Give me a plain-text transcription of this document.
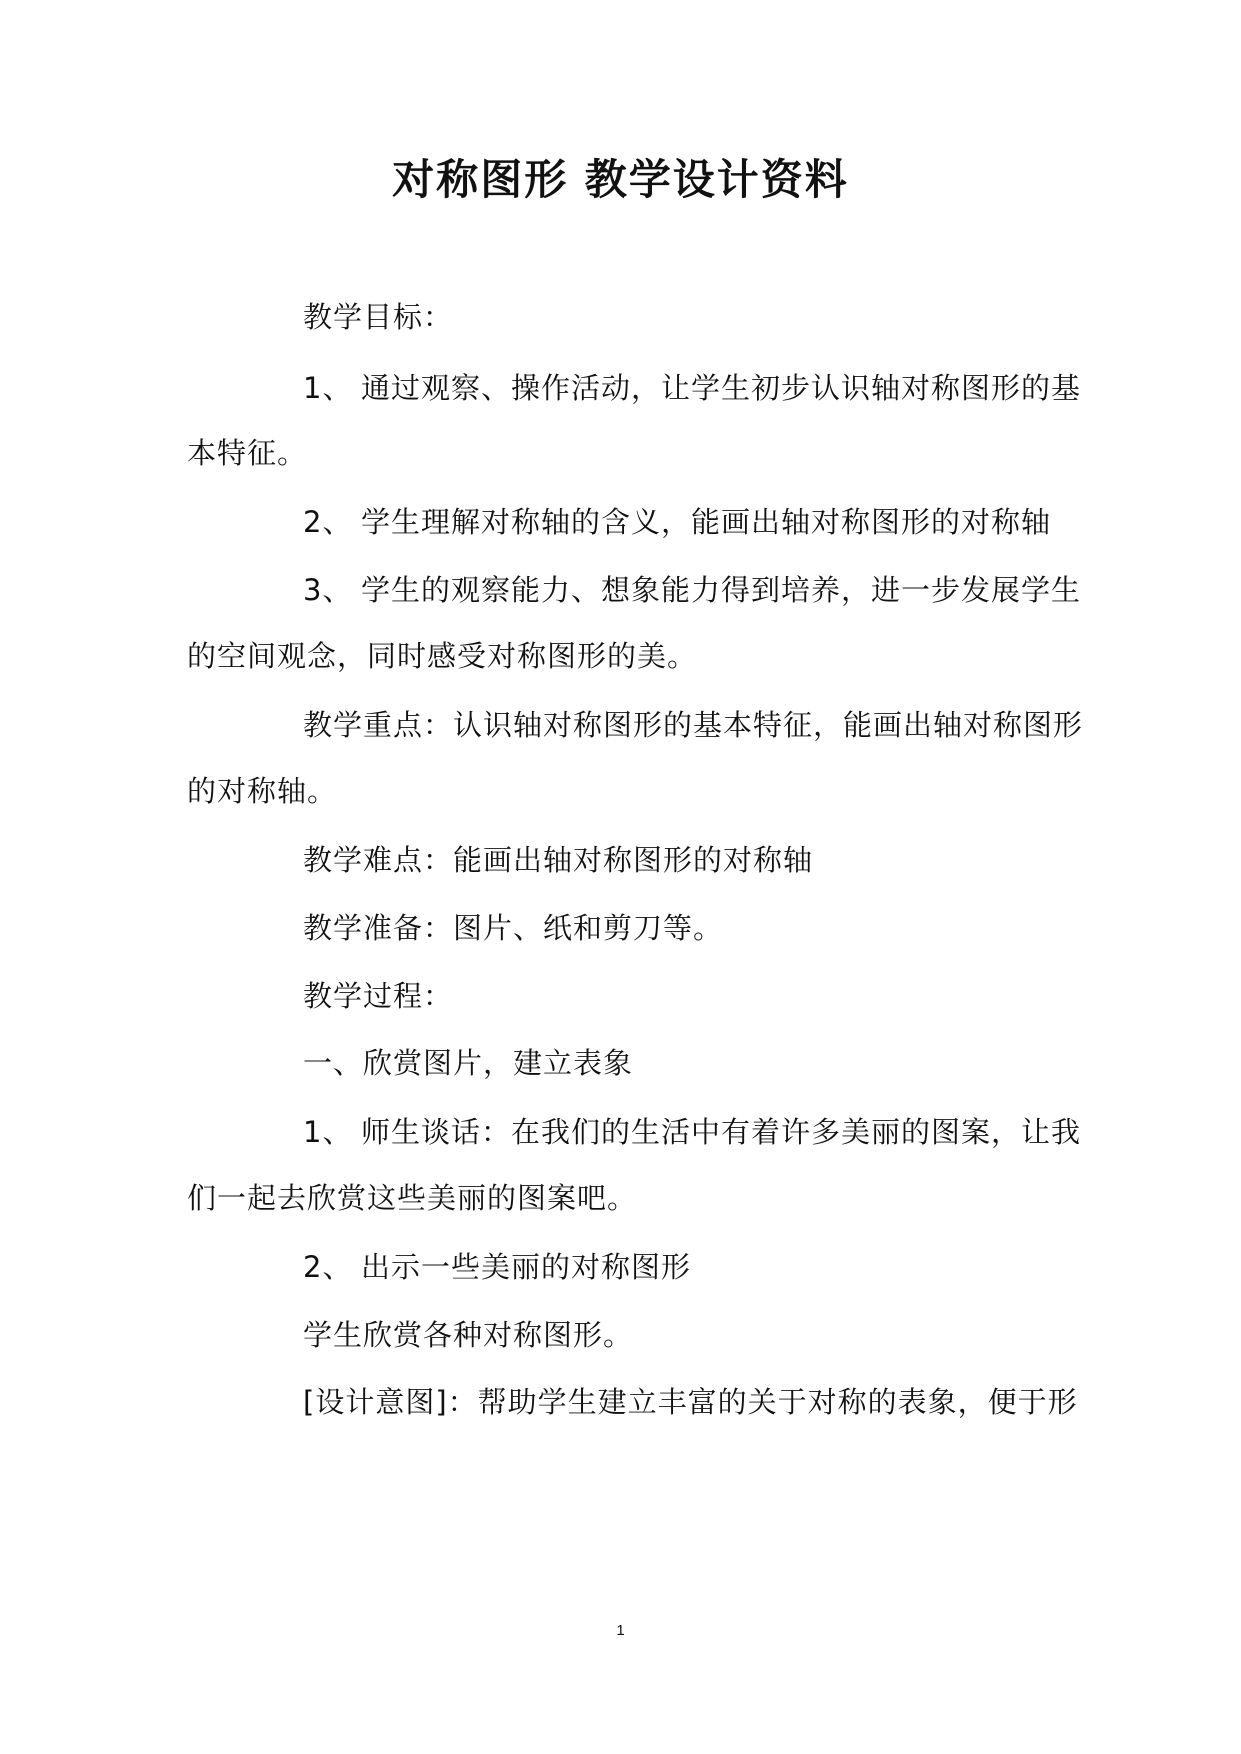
对称图形 教学设计资料
教学目标：
1、 通过观察、操作活动，让学生初步认识轴对称图形的基
本特征。
2、 学生理解对称轴的含义，能画出轴对称图形的对称轴
3、 学生的观察能力、想象能力得到培养，进一步发展学生
的空间观念，同时感受对称图形的美。
教学重点：认识轴对称图形的基本特征，能画出轴对称图形
的对称轴。
教学难点：能画出轴对称图形的对称轴
教学准备：图片、纸和剪刀等。
教学过程：
一、欣赏图片，建立表象
1、 师生谈话：在我们的生活中有着许多美丽的图案，让我
们一起去欣赏这些美丽的图案吧。
2、 出示一些美丽的对称图形
学生欣赏各种对称图形。
[设计意图]：帮助学生建立丰富的关于对称的表象，便于形
1
